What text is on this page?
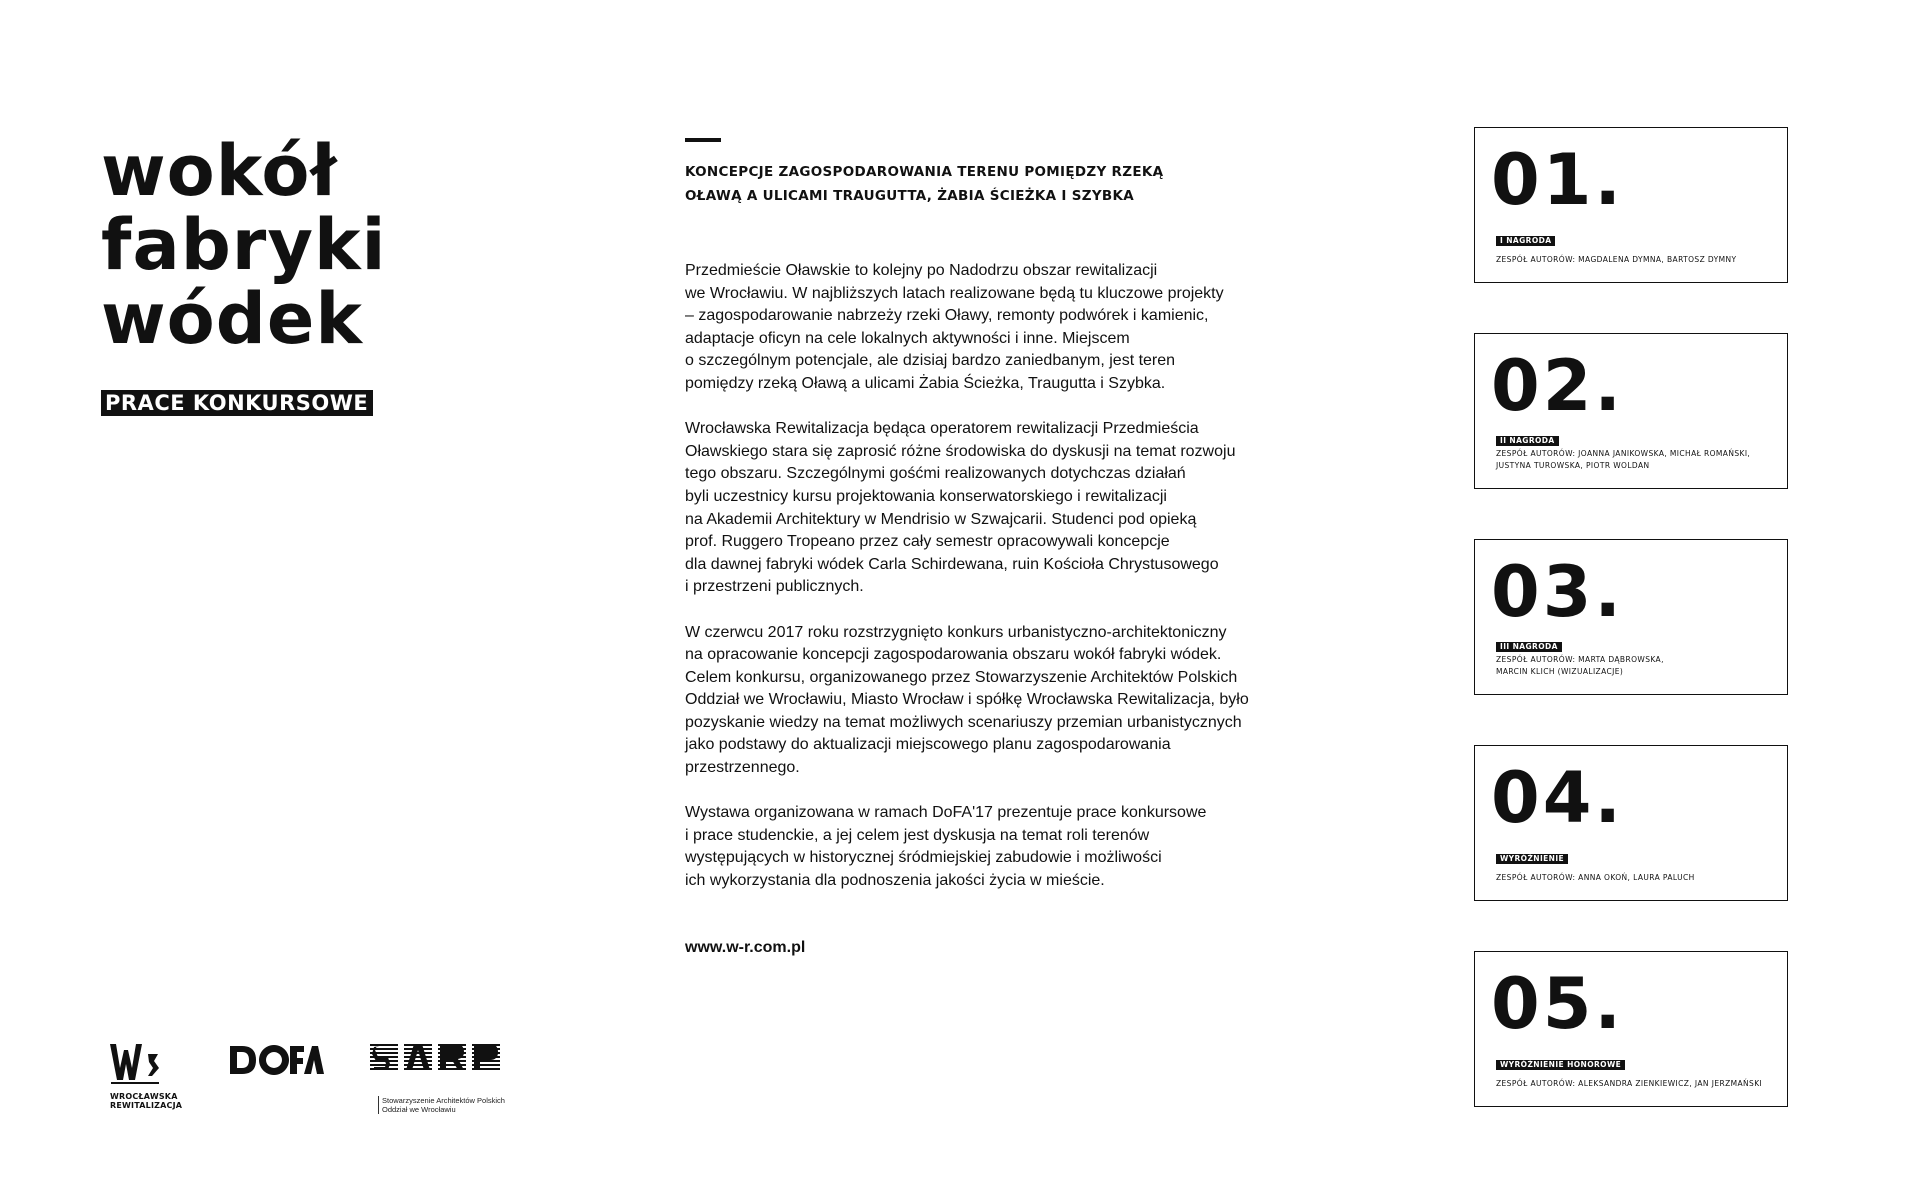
wokół
fabryki
wódek
PRACE KONKURSOWE
WROCŁAWSKA
REWITALIZACJA
Stowarzyszenie Architektów Polskich
Oddział we Wrocławiu
KONCEPCJE ZAGOSPODAROWANIA TERENU POMIĘDZY RZEKĄ
OŁAWĄ A ULICAMI TRAUGUTTA, ŻABIA ŚCIEŻKA I SZYBKA
Przedmieście Oławskie to kolejny po Nadodrzu obszar rewitalizacji
we Wrocławiu. W najbliższych latach realizowane będą tu kluczowe projekty
– zagospodarowanie nabrzeży rzeki Oławy, remonty podwórek i kamienic,
adaptacje oficyn na cele lokalnych aktywności i inne. Miejscem
o szczególnym potencjale, ale dzisiaj bardzo zaniedbanym, jest teren
pomiędzy rzeką Oławą a ulicami Żabia Ścieżka, Traugutta i Szybka.
Wrocławska Rewitalizacja będąca operatorem rewitalizacji Przedmieścia
Oławskiego stara się zaprosić różne środowiska do dyskusji na temat rozwoju
tego obszaru. Szczególnymi gośćmi realizowanych dotychczas działań
byli uczestnicy kursu projektowania konserwatorskiego i rewitalizacji
na Akademii Architektury w Mendrisio w Szwajcarii. Studenci pod opieką
prof. Ruggero Tropeano przez cały semestr opracowywali koncepcje
dla dawnej fabryki wódek Carla Schirdewana, ruin Kościoła Chrystusowego
i przestrzeni publicznych.
W czerwcu 2017 roku rozstrzygnięto konkurs urbanistyczno-architektoniczny
na opracowanie koncepcji zagospodarowania obszaru wokół fabryki wódek.
Celem konkursu, organizowanego przez Stowarzyszenie Architektów Polskich
Oddział we Wrocławiu, Miasto Wrocław i spółkę Wrocławska Rewitalizacja, było
pozyskanie wiedzy na temat możliwych scenariuszy przemian urbanistycznych
jako podstawy do aktualizacji miejscowego planu zagospodarowania
przestrzennego.
Wystawa organizowana w ramach DoFA'17 prezentuje prace konkursowe
i prace studenckie, a jej celem jest dyskusja na temat roli terenów
występujących w historycznej śródmiejskiej zabudowie i możliwości
ich wykorzystania dla podnoszenia jakości życia w mieście.
www.w-r.com.pl
01.
I NAGRODA
ZESPÓŁ AUTORÓW: MAGDALENA DYMNA, BARTOSZ DYMNY
02.
II NAGRODA
ZESPÓŁ AUTORÓW: JOANNA JANIKOWSKA, MICHAŁ ROMAŃSKI,
JUSTYNA TUROWSKA, PIOTR WOLDAN
03.
III NAGRODA
ZESPÓŁ AUTORÓW: MARTA DĄBROWSKA,
MARCIN KLICH (WIZUALIZACJE)
04.
WYRÓŻNIENIE
ZESPÓŁ AUTORÓW: ANNA OKOŃ, LAURA PALUCH
05.
WYRÓŻNIENIE HONOROWE
ZESPÓŁ AUTORÓW: ALEKSANDRA ZIENKIEWICZ, JAN JERZMAŃSKI
